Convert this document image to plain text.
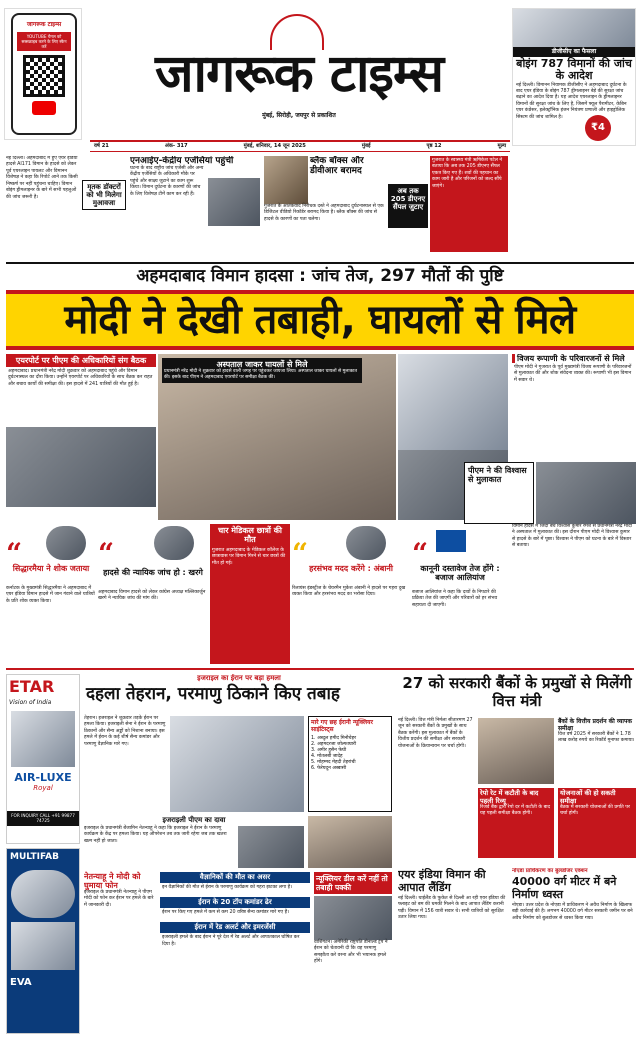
जागरूक टाइम्स
YOUTUBE चैनल को सब्सक्राइब करने के लिए स्कैन करें	जागरूक टाइम्स
मुंबई, सिरोही, जयपुर से प्रकाशित
डीजीसीए का फैसला
बोइंग 787 विमानों की जांच के आदेश
नई दिल्ली। विमानन नियामक डीजीसीए ने अहमदाबाद दुर्घटना के बाद एयर इंडिया के बोइंग 787 ड्रीमलाइनर बेड़े की सुरक्षा जांच बढ़ाने का आदेश दिया है। यह आदेश एयरलाइन के ड्रीमलाइनर विमानों की सुरक्षा जांच के लिए है, जिसमें फ्यूल पैरामीटर, केबिन एयर कंप्रेसर, इलेक्ट्रॉनिक इंजन नियंत्रण प्रणाली और हाइड्रोलिक सिस्टम की जांच शामिल है।
₹4
वर्ष 21	अंक- 317	मुंबई, शनिवार, 14 जून 2025	मुंबई	पृष्ठ 12	मूल्य
नई दिल्ली। अहमदाबाद में हुए एयर इंडिया हादसे AI171 विमान के हादसे को लेकर पूर्व एयरलाइन पायलट और विमानन विशेषज्ञ ने कहा कि रिपोर्ट आने तक किसी निष्कर्ष पर नहीं पहुंचना चाहिए। विमान बोइंग ड्रीमलाइनर के बारे में सभी पहलुओं की जांच जरूरी है।
मृतक डॉक्टरों को भी मिलेगा मुआवजा
एनआईए-केंद्रीय एजेंसियां पहुंचीं
घटना के बाद राष्ट्रीय जांच एजेंसी और अन्य केंद्रीय एजेंसियों के अधिकारी मौके पर पहुंचे और साक्ष्य जुटाने का काम शुरू किया। विमान दुर्घटना के कारणों की जांच के लिए विशेषज्ञ टीमें काम कर रही हैं।
ब्लैक बॉक्स और डीवीआर बरामद
गुजरात के आतंकवाद निरोधक दस्ते ने अहमदाबाद दुर्घटनास्थल से एक डिजिटल वीडियो रिकॉर्डर बरामद किया है। ब्लैक बॉक्स की जांच से हादसे के कारणों का पता चलेगा।
अब तक 205 डीएनए सैंपल जुटाए
गुजरात के स्वास्थ्य मंत्री ऋषिकेश पटेल ने बताया कि अब तक 205 डीएनए सैंपल एकत्र किए गए हैं। शवों की पहचान का काम जारी है और परिजनों को जल्द सौंपे जाएंगे।
अहमदाबाद विमान हादसा : जांच तेज, 297 मौतों की पुष्टि
मोदी ने देखी तबाही, घायलों से मिले
एयरपोर्ट पर पीएम की अधिकारियों संग बैठक
अहमदाबाद। प्रधानमंत्री नरेंद्र मोदी शुक्रवार को अहमदाबाद पहुंचे और विमान दुर्घटनास्थल का दौरा किया। उन्होंने एयरपोर्ट पर अधिकारियों के साथ बैठक कर राहत और बचाव कार्यों की समीक्षा की। इस हादसे में 241 यात्रियों की मौत हुई है।
अस्पताल जाकर घायलों से मिले
प्रधानमंत्री नरेंद्र मोदी ने शुक्रवार को हादसे वाली जगह पर पहुंचकर जायजा लिया। अस्पताल जाकर घायलों से मुलाकात की। इसके बाद पीएम ने अहमदाबाद एयरपोर्ट पर समीक्षा बैठक की।
विजय रूपाणी के परिवारजनों से मिले
पीएम मोदी ने गुजरात के पूर्व मुख्यमंत्री विजय रूपाणी के परिवारजनों से मुलाकात की और शोक संवेदना व्यक्त की। रूपाणी भी इस विमान में सवार थे।
पीएम ने की विश्वास से मुलाकात
“
सिद्धारमैया ने शोक जताया
कर्नाटक के मुख्यमंत्री सिद्धारमैया ने अहमदाबाद में एयर इंडिया विमान हादसे में जान गंवाने वाले यात्रियों के प्रति शोक व्यक्त किया।
“
हादसे की न्यायिक जांच हो : खरगे
अहमदाबाद विमान हादसे को लेकर कांग्रेस अध्यक्ष मल्लिकार्जुन खरगे ने न्यायिक जांच की मांग की।
चार मेडिकल छात्रों की मौत
गुजरात अहमदाबाद के मेडिकल कॉलेज के छात्रावास पर विमान गिरने से चार छात्रों की मौत हो गई।	“ हरसंभव मदद करेंगे : अंबानी
रिलायंस इंडस्ट्रीज के चेयरमैन मुकेश अंबानी ने हादसे पर गहरा दुख व्यक्त किया और हरसंभव मदद का भरोसा दिया।
“
कानूनी दस्तावेज तेज होंगे : बजाज आलियांज
बजाज आलियांज ने कहा कि दावों के निपटारे की प्रक्रिया तेज की जाएगी और परिवारों को हर संभव सहायता दी जाएगी।
विमान हादसे में जिंदा बचे विश्वास कुमार रमेश से प्रधानमंत्री नरेंद्र मोदी ने अस्पताल में मुलाकात की। इस दौरान पीएम मोदी ने विश्वास कुमार से हादसे के बारे में पूछा। विश्वास ने पीएम को घटना के बारे में विस्तार से बताया।
ETAR
Vision of India
AIR-LUXE
Royal
FOR INQUIRY CALL +91 99877 74725
MULTIFAB
EVA
इजराइल का ईरान पर बड़ा हमला
दहला तेहरान, परमाणु ठिकाने किए तबाह
तेहरान। इजराइल ने शुक्रवार तड़के ईरान पर हमला किया। इजराइली सेना ने ईरान के परमाणु ठिकानों और सैन्य अड्डों को निशाना बनाया। इस हमले में ईरान के कई शीर्ष सैन्य कमांडर और परमाणु वैज्ञानिक मारे गए।
मारे गए छह ईरानी न्यूक्लियर साइंटिस्ट्स
1. अब्दुल हमीद मिनौचेहर
2. अहमदरजा जोल्फाघारी
3. अमीर हुसैन फेघी
4. मोतलबी जादेह
5. मोहम्मद मेहदी तेहरांची
6. फेरेयदून अब्बासी
इजराइली पीएम का दावा
इजराइल के प्रधानमंत्री बेंजामिन नेतन्याहू ने कहा कि इजराइल ने ईरान के परमाणु कार्यक्रम के केंद्र पर हमला किया। यह ऑपरेशन तब तक जारी रहेगा जब तक खतरा खत्म नहीं हो जाता।
नेतन्याहू ने मोदी को घुमाया फोन
इजराइल के प्रधानमंत्री नेतन्याहू ने पीएम मोदी को फोन कर ईरान पर हमले के बारे में जानकारी दी।
वैज्ञानिकों की मौत का असर
इन वैज्ञानिकों की मौत से ईरान के परमाणु कार्यक्रम को गहरा झटका लगा है।
ईरान के 20 टॉप कमांडर ढेर
ईरान पर किए गए हमले में कम से कम 20 वरिष्ठ सैन्य कमांडर मारे गए हैं।
ईरान में रेड अलर्ट और इमरजेंसी
इजराइली हमले के बाद ईरान ने पूरे देश में रेड अलर्ट और आपातकाल घोषित कर दिया है।
न्यूक्लियर डील करें नहीं तो तबाही पक्की
वाशिंगटन। अमेरिकी राष्ट्रपति डोनाल्ड ट्रंप ने ईरान को चेतावनी दी कि वह परमाणु समझौता करे वरना और भी भयानक हमले होंगे।
27 को सरकारी बैंकों के प्रमुखों से मिलेंगी वित्त मंत्री
नई दिल्ली। वित्त मंत्री निर्मला सीतारमण 27 जून को सरकारी बैंकों के प्रमुखों के साथ बैठक करेंगी। इस मुलाकात में बैंकों के वित्तीय प्रदर्शन की समीक्षा और सरकारी योजनाओं के क्रियान्वयन पर चर्चा होगी।
बैंकों के वित्तीय प्रदर्शन की व्यापक समीक्षा
वित्त वर्ष 2025 में सरकारी बैंकों ने 1.78 लाख करोड़ रुपये का रिकॉर्ड मुनाफा कमाया।
रेपो रेट में कटौती के बाद पहली रिव्यू
रिजर्व बैंक द्वारा रेपो दर में कटौती के बाद यह पहली समीक्षा बैठक होगी।
योजनाओं की हो सकती समीक्षा
बैठक में सरकारी योजनाओं की प्रगति पर चर्चा होगी।
एयर इंडिया विमान की आपात लैंडिंग
नई दिल्ली। थाईलैंड के फुकेत से दिल्ली आ रही एयर इंडिया की फ्लाइट को बम की धमकी मिलने के बाद आपात लैंडिंग करानी पड़ी। विमान में 156 यात्री सवार थे। सभी यात्रियों को सुरक्षित उतार लिया गया।
नोएडा प्राधिकरण का बुलडोजर एक्शन
40000 वर्ग मीटर में बने निर्माण ध्वस्त
नोएडा। उत्तर प्रदेश के नोएडा में प्राधिकरण ने अवैध निर्माण के खिलाफ बड़ी कार्रवाई की है। लगभग 40000 वर्ग मीटर सरकारी जमीन पर बने अवैध निर्माण को बुलडोजर से ध्वस्त किया गया।
